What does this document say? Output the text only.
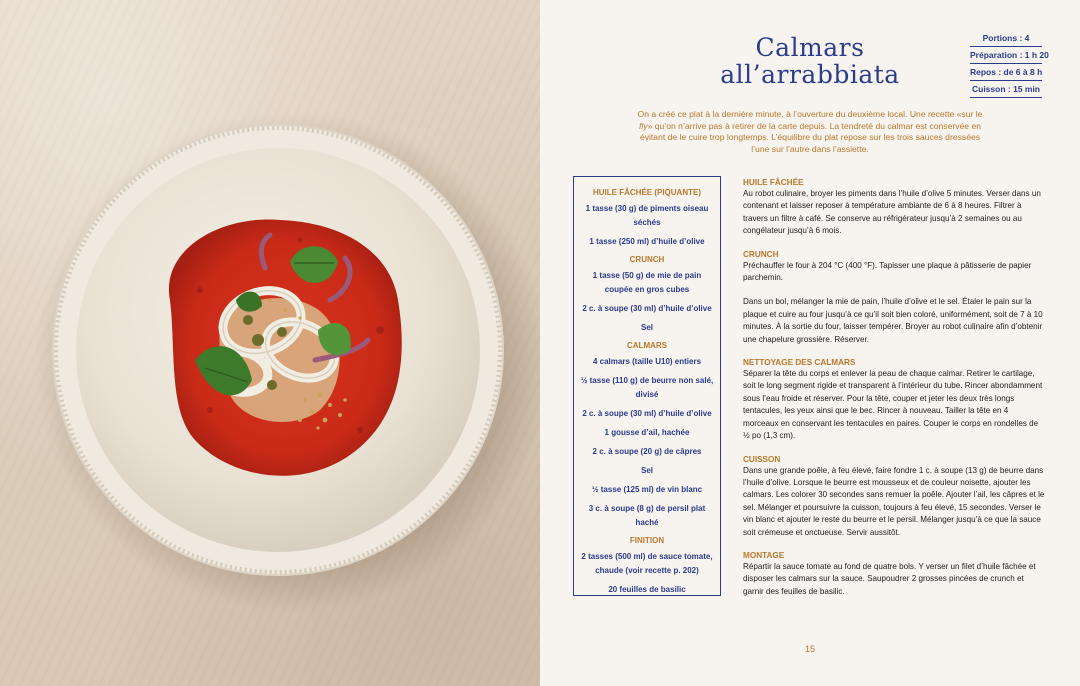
Calmars
all’arrabbiata
Portions : 4
Préparation : 1 h 20
Repos : de 6 à 8 h
Cuisson : 15 min
On a créé ce plat à la dernière minute, à l’ouverture du deuxième local. Une recette «sur le fly» qu’on n’arrive pas à retirer de la carte depuis. La tendreté du calmar est conservée en évitant de le cuire trop longtemps. L’équilibre du plat repose sur les trois sauces dressées l’une sur l’autre dans l’assiette.
HUILE FÂCHÉE (PIQUANTE)
1 tasse (30 g) de piments oiseau séchés
1 tasse (250 ml) d’huile d’olive
CRUNCH
1 tasse (50 g) de mie de pain coupée en gros cubes
2 c. à soupe (30 ml) d’huile d’olive
Sel
CALMARS
4 calmars (taille U10) entiers
½ tasse (110 g) de beurre non salé, divisé
2 c. à soupe (30 ml) d’huile d’olive
1 gousse d’ail, hachée
2 c. à soupe (20 g) de câpres
Sel
½ tasse (125 ml) de vin blanc
3 c. à soupe (8 g) de persil plat haché
FINITION
2 tasses (500 ml) de sauce tomate, chaude (voir recette p. 202)
20 feuilles de basilic
HUILE FÂCHÉE

Au robot culinaire, broyer les piments dans l’huile d’olive 5 minutes. Verser dans un contenant et laisser reposer à température ambiante de 6 à 8 heures. Filtrer à travers un filtre à café. Se conserve au réfrigérateur jusqu’à 2 semaines ou au congélateur jusqu’à 6 mois.

CRUNCH

Préchauffer le four à 204 °C (400 °F). Tapisser une plaque à pâtisserie de papier parchemin.

Dans un bol, mélanger la mie de pain, l’huile d’olive et le sel. Étaler le pain sur la plaque et cuire au four jusqu’à ce qu’il soit bien coloré, uniformément, soit de 7 à 10 minutes. À la sortie du four, laisser tempérer. Broyer au robot culinaire afin d’obtenir une chapelure grossière. Réserver.

NETTOYAGE DES CALMARS

Séparer la tête du corps et enlever la peau de chaque calmar. Retirer le cartilage, soit le long segment rigide et transparent à l’intérieur du tube. Rincer abondamment sous l’eau froide et réserver. Pour la tête, couper et jeter les deux très longs tentacules, les yeux ainsi que le bec. Rincer à nouveau. Tailler la tête en 4 morceaux en conservant les tentacules en paires. Couper le corps en rondelles de ½ po (1,3 cm).

CUISSON

Dans une grande poêle, à feu élevé, faire fondre 1 c. à soupe (13 g) de beurre dans l’huile d’olive. Lorsque le beurre est mousseux et de couleur noisette, ajouter les calmars. Les colorer 30 secondes sans remuer la poêle. Ajouter l’ail, les câpres et le sel. Mélanger et poursuivre la cuisson, toujours à feu élevé, 15 secondes. Verser le vin blanc et ajouter le reste du beurre et le persil. Mélanger jusqu’à ce que la sauce soit crémeuse et onctueuse. Servir aussitôt.

MONTAGE

Répartir la sauce tomate au fond de quatre bols. Y verser un filet d’huile fâchée et disposer les calmars sur la sauce. Saupoudrer 2 grosses pincées de crunch et garnir des feuilles de basilic.

15
